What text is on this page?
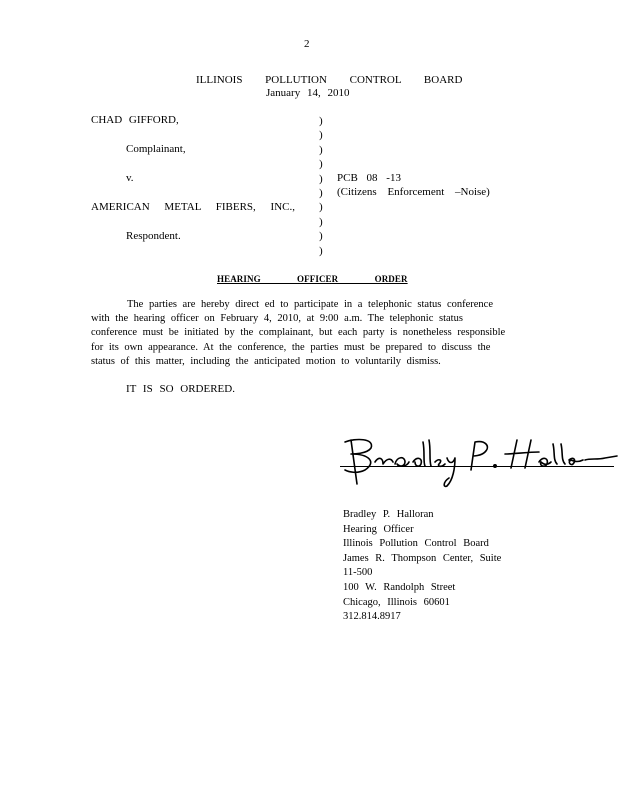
2
ILLINOIS POLLUTION CONTROL BOARD
January 14, 2010
CHAD GIFFORD,
Complainant,
v.
AMERICAN METAL FIBERS, INC.,
Respondent.
)
)
)
)
)
)
)
)
)
)
PCB 08 -13
(Citizens Enforcement –Noise)
HEARING OFFICER ORDER
The parties are hereby direct ed to participate in a telephonic status conference
with the hearing officer on February 4, 2010, at 9:00 a.m. The telephonic status
conference must be initiated by the complainant, but each party is nonetheless responsible
for its own appearance. At the conference, the parties must be prepared to discuss the
status of this matter, including the anticipated motion to voluntarily dismiss.
IT IS SO ORDERED.
Bradley P. Halloran
Hearing Officer
Illinois Pollution Control Board
James R. Thompson Center, Suite
11-500
100 W. Randolph Street
Chicago, Illinois 60601
312.814.8917
